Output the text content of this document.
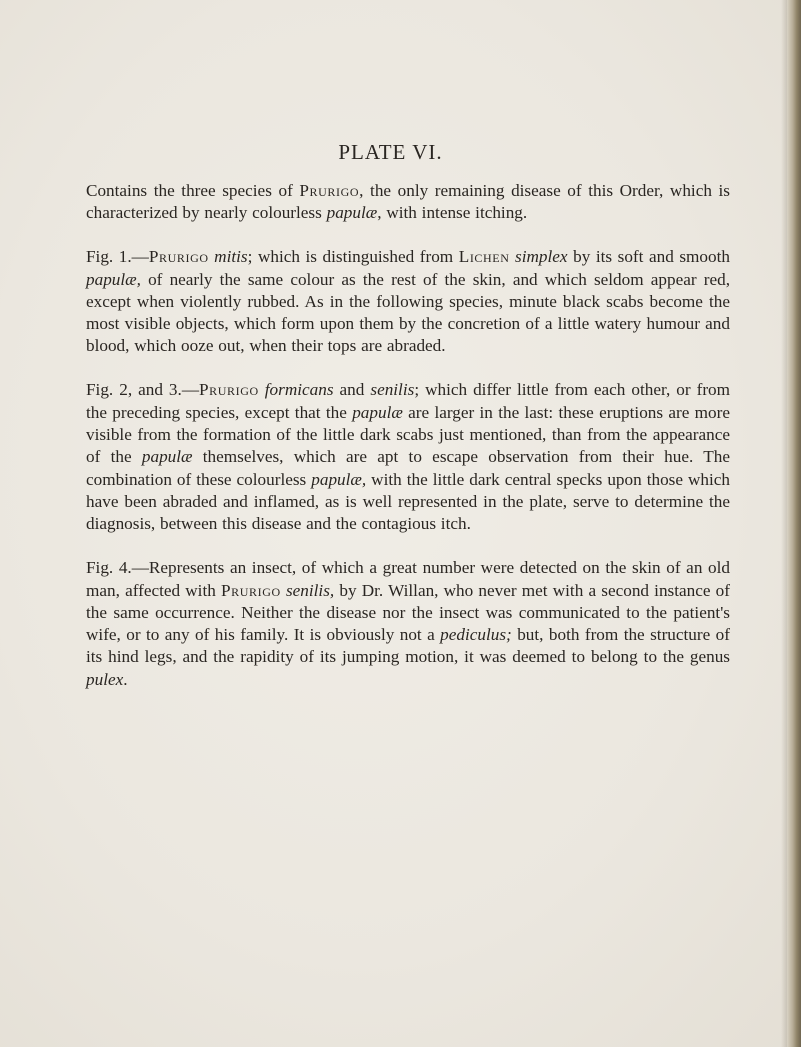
PLATE VI.

Contains the three species of Prurigo, the only remaining disease of this Order, which is characterized by nearly colourless papulæ, with intense itching.

Fig. 1.—Prurigo mitis; which is distinguished from Lichen simplex by its soft and smooth papulæ, of nearly the same colour as the rest of the skin, and which seldom appear red, except when violently rubbed. As in the following species, minute black scabs become the most visible objects, which form upon them by the concretion of a little watery humour and blood, which ooze out, when their tops are abraded.

Fig. 2, and 3.—Prurigo formicans and senilis; which differ little from each other, or from the preceding species, except that the papulæ are larger in the last: these eruptions are more visible from the formation of the little dark scabs just mentioned, than from the appearance of the papulæ themselves, which are apt to escape observation from their hue. The combination of these colourless papulæ, with the little dark central specks upon those which have been abraded and inflamed, as is well represented in the plate, serve to determine the diagnosis, between this disease and the contagious itch.

Fig. 4.—Represents an insect, of which a great number were detected on the skin of an old man, affected with Prurigo senilis, by Dr. Willan, who never met with a second instance of the same occurrence. Neither the disease nor the insect was communicated to the patient's wife, or to any of his family. It is obviously not a pediculus; but, both from the structure of its hind legs, and the rapidity of its jumping motion, it was deemed to belong to the genus pulex.
